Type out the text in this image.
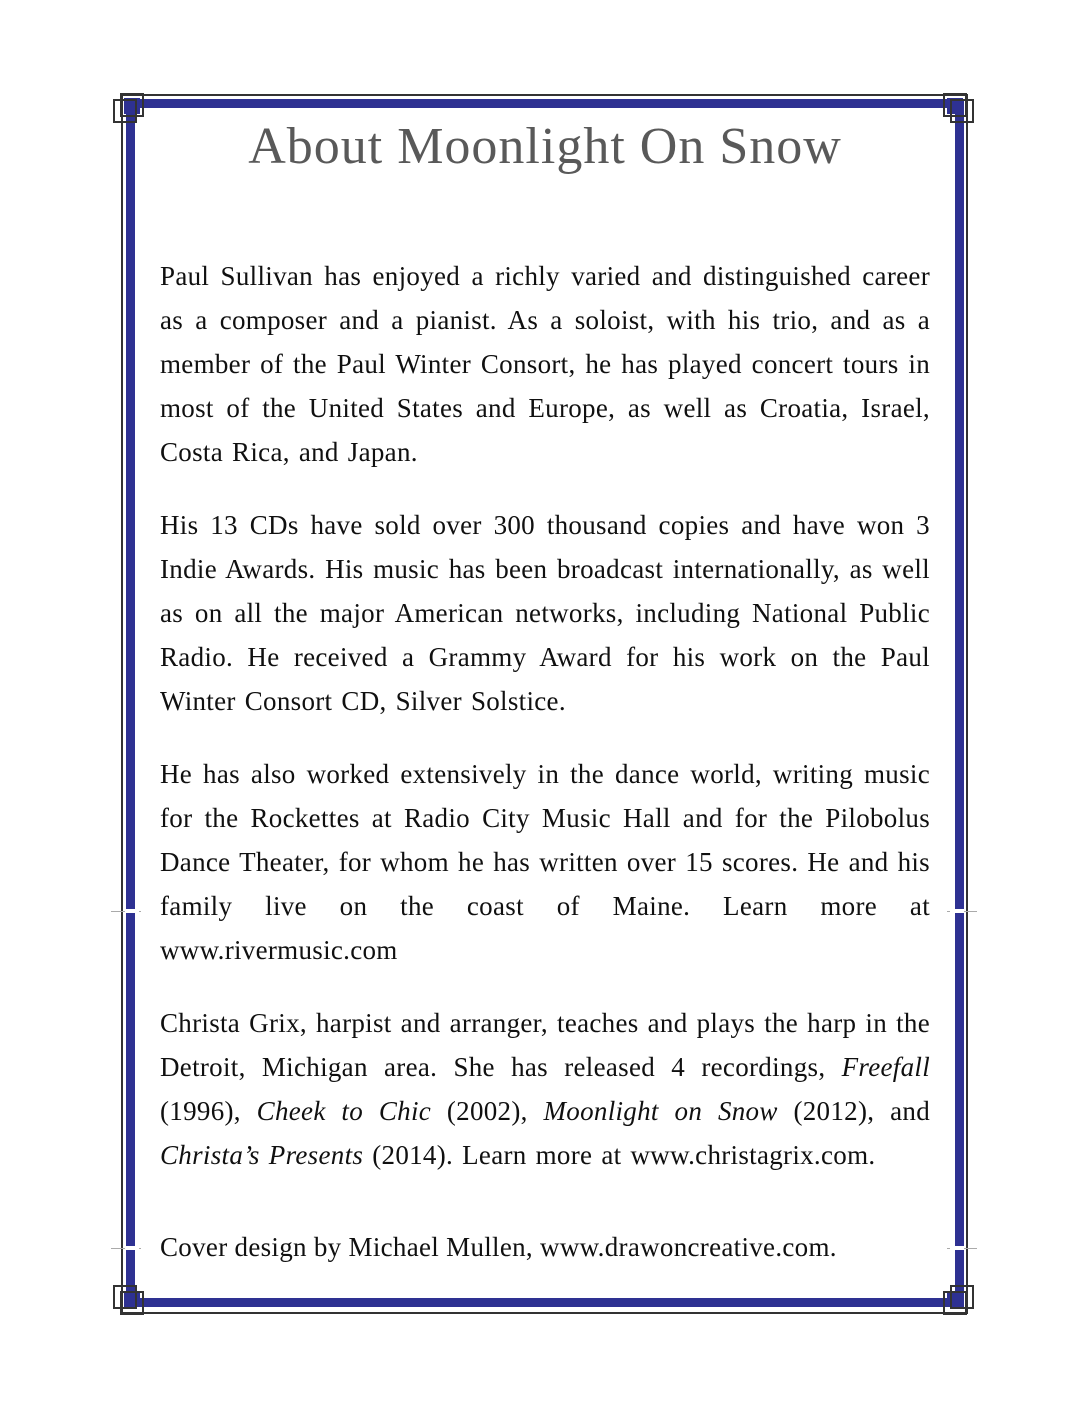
About Moonlight On Snow

Paul Sullivan has enjoyed a richly varied and distinguished career as a composer and a pianist. As a soloist, with his trio, and as a member of the Paul Winter Consort, he has played concert tours in most of the United States and Europe, as well as Croatia, Israel, Costa Rica, and Japan.

His 13 CDs have sold over 300 thousand copies and have won 3 Indie Awards. His music has been broadcast internationally, as well as on all the major American networks, including National Public Radio. He received a Grammy Award for his work on the Paul Winter Consort CD, Silver Solstice.

He has also worked extensively in the dance world, writing music for the Rockettes at Radio City Music Hall and for the Pilobolus Dance Theater, for whom he has written over 15 scores. He and his family live on the coast of Maine. Learn more at www.rivermusic.com

Christa Grix, harpist and arranger, teaches and plays the harp in the Detroit, Michigan area. She has released 4 recordings, Freefall (1996), Cheek to Chic (2002), Moonlight on Snow (2012), and Christa’s Presents (2014). Learn more at www.christagrix.com.

Cover design by Michael Mullen, www.drawoncreative.com.
